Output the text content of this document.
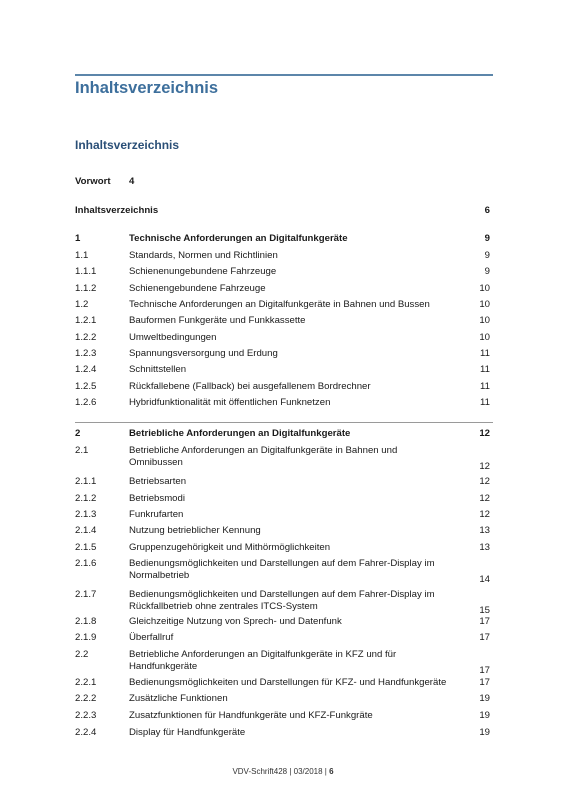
Inhaltsverzeichnis
Inhaltsverzeichnis
Vorwort 4
Inhaltsverzeichnis	6
1	Technische Anforderungen an Digitalfunkgeräte	9
1.1	Standards, Normen und Richtlinien	9
1.1.1	Schienenungebundene Fahrzeuge	9
1.1.2	Schienengebundene Fahrzeuge	10
1.2	Technische Anforderungen an Digitalfunkgeräte in Bahnen und Bussen	10
1.2.1	Bauformen Funkgeräte und Funkkassette	10
1.2.2	Umweltbedingungen	10
1.2.3	Spannungsversorgung und Erdung	11
1.2.4	Schnittstellen	11
1.2.5	Rückfallebene (Fallback) bei ausgefallenem Bordrechner	11
1.2.6	Hybridfunktionalität mit öffentlichen Funknetzen	11
2	Betriebliche Anforderungen an Digitalfunkgeräte	12
2.1	Betriebliche Anforderungen an Digitalfunkgeräte in Bahnen und Omnibussen	12
2.1.1	Betriebsarten	12
2.1.2	Betriebsmodi	12
2.1.3	Funkrufarten	12
2.1.4	Nutzung betrieblicher Kennung	13
2.1.5	Gruppenzugehörigkeit und Mithörmöglichkeiten	13
2.1.6	Bedienungsmöglichkeiten und Darstellungen auf dem Fahrer-Display im Normalbetrieb	14
2.1.7	Bedienungsmöglichkeiten und Darstellungen auf dem Fahrer-Display im Rückfallbetrieb ohne zentrales ITCS-System	15
2.1.8	Gleichzeitige Nutzung von Sprech- und Datenfunk	17
2.1.9	Überfallruf	17
2.2	Betriebliche Anforderungen an Digitalfunkgeräte in KFZ und für Handfunkgeräte	17
2.2.1	Bedienungsmöglichkeiten und Darstellungen für KFZ- und Handfunkgeräte	17
2.2.2	Zusätzliche Funktionen	19
2.2.3	Zusatzfunktionen für Handfunkgeräte und KFZ-Funkgräte	19
2.2.4	Display für Handfunkgeräte	19
VDV-Schrift428 | 03/2018 | 6
